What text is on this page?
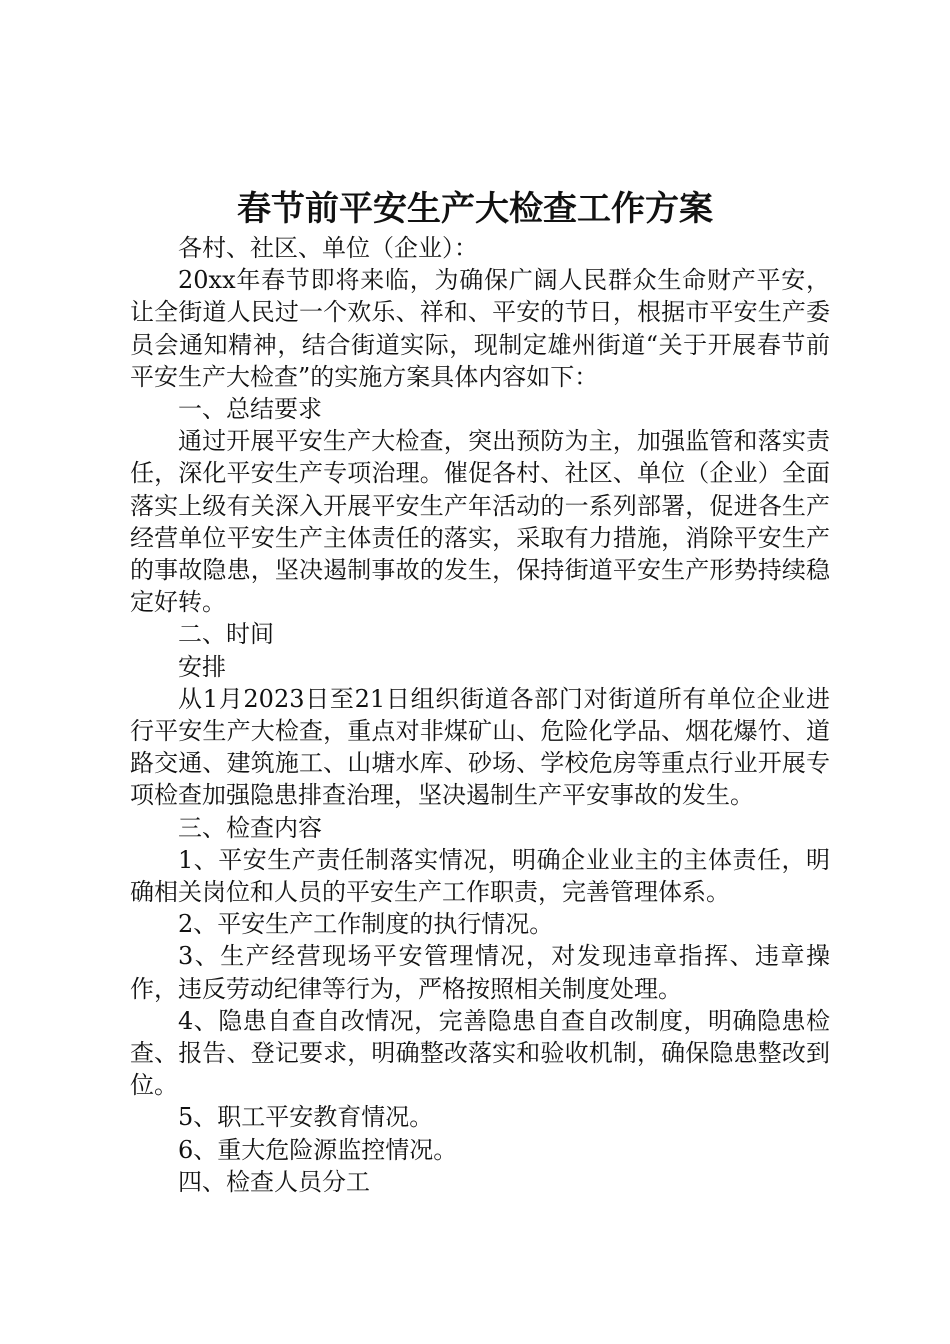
春节前平安生产大检查工作方案

各村、社区、单位（企业）：

20xx年春节即将来临，为确保广阔人民群众生命财产平安，让全街道人民过一个欢乐、祥和、平安的节日，根据市平安生产委员会通知精神，结合街道实际，现制定雄州街道“关于开展春节前平安生产大检查”的实施方案具体内容如下：

一、总结要求

通过开展平安生产大检查，突出预防为主，加强监管和落实责任，深化平安生产专项治理。催促各村、社区、单位（企业）全面落实上级有关深入开展平安生产年活动的一系列部署，促进各生产经营单位平安生产主体责任的落实，采取有力措施，消除平安生产的事故隐患，坚决遏制事故的发生，保持街道平安生产形势持续稳定好转。

二、时间

安排

从1月2023日至21日组织街道各部门对街道所有单位企业进行平安生产大检查，重点对非煤矿山、危险化学品、烟花爆竹、道路交通、建筑施工、山塘水库、砂场、学校危房等重点行业开展专项检查加强隐患排查治理，坚决遏制生产平安事故的发生。

三、检查内容

1、平安生产责任制落实情况，明确企业业主的主体责任，明确相关岗位和人员的平安生产工作职责，完善管理体系。

2、平安生产工作制度的执行情况。

3、生产经营现场平安管理情况，对发现违章指挥、违章操作，违反劳动纪律等行为，严格按照相关制度处理。

4、隐患自查自改情况，完善隐患自查自改制度，明确隐患检查、报告、登记要求，明确整改落实和验收机制，确保隐患整改到位。

5、职工平安教育情况。

6、重大危险源监控情况。

四、检查人员分工
